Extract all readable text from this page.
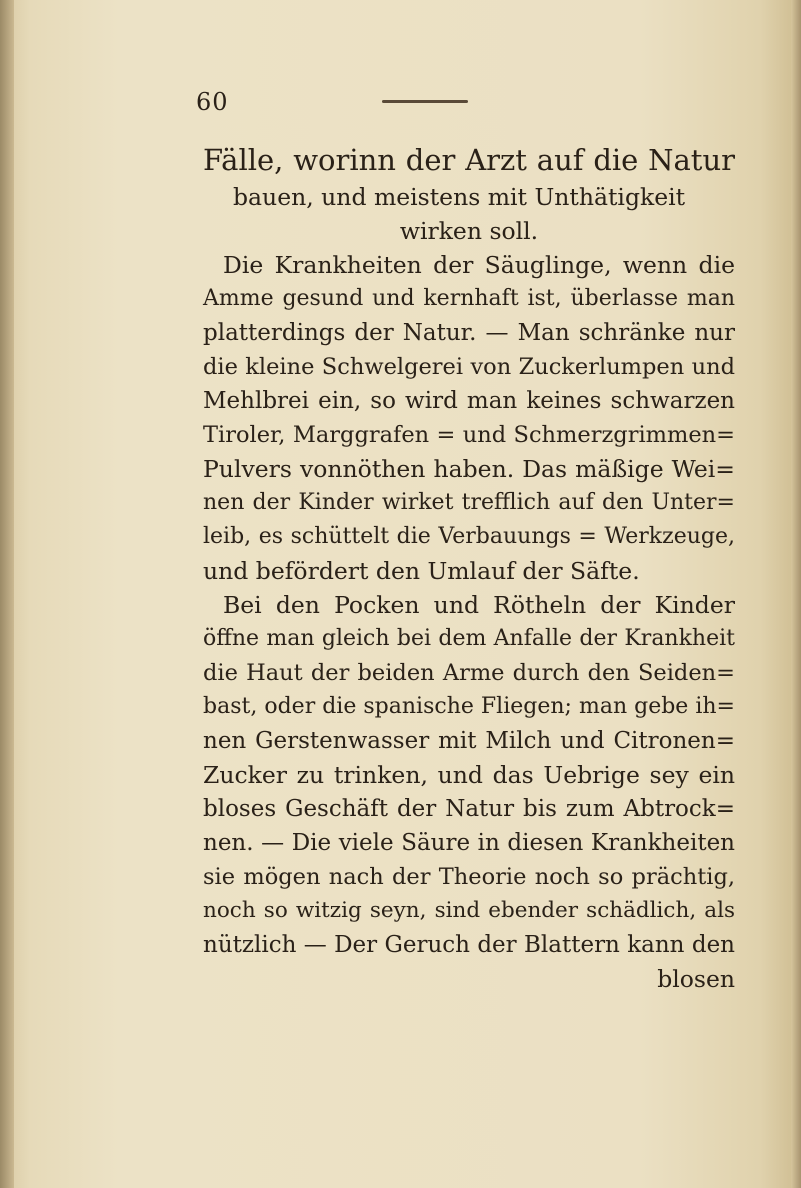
60
Fälle, worinn der Arzt auf die Natur
bauen, und meistens mit Unthätigkeit
wirken soll.
Die Krankheiten der Säuglinge, wenn die
Amme gesund und kernhaft ist, überlasse man
platterdings der Natur. — Man schränke nur
die kleine Schwelgerei von Zuckerlumpen und
Mehlbrei ein, so wird man keines schwarzen
Tiroler, Marggrafen = und Schmerzgrimmen=
Pulvers vonnöthen haben. Das mäßige Wei=
nen der Kinder wirket trefflich auf den Unter=
leib, es schüttelt die Verbauungs = Werkzeuge,
und befördert den Umlauf der Säfte.
Bei den Pocken und Rötheln der Kinder
öffne man gleich bei dem Anfalle der Krankheit
die Haut der beiden Arme durch den Seiden=
bast, oder die spanische Fliegen; man gebe ih=
nen Gerstenwasser mit Milch und Citronen=
Zucker zu trinken, und das Uebrige sey ein
bloses Geschäft der Natur bis zum Abtrock=
nen. — Die viele Säure in diesen Krankheiten
sie mögen nach der Theorie noch so prächtig,
noch so witzig seyn, sind ebender schädlich, als
nützlich — Der Geruch der Blattern kann den
blosen
